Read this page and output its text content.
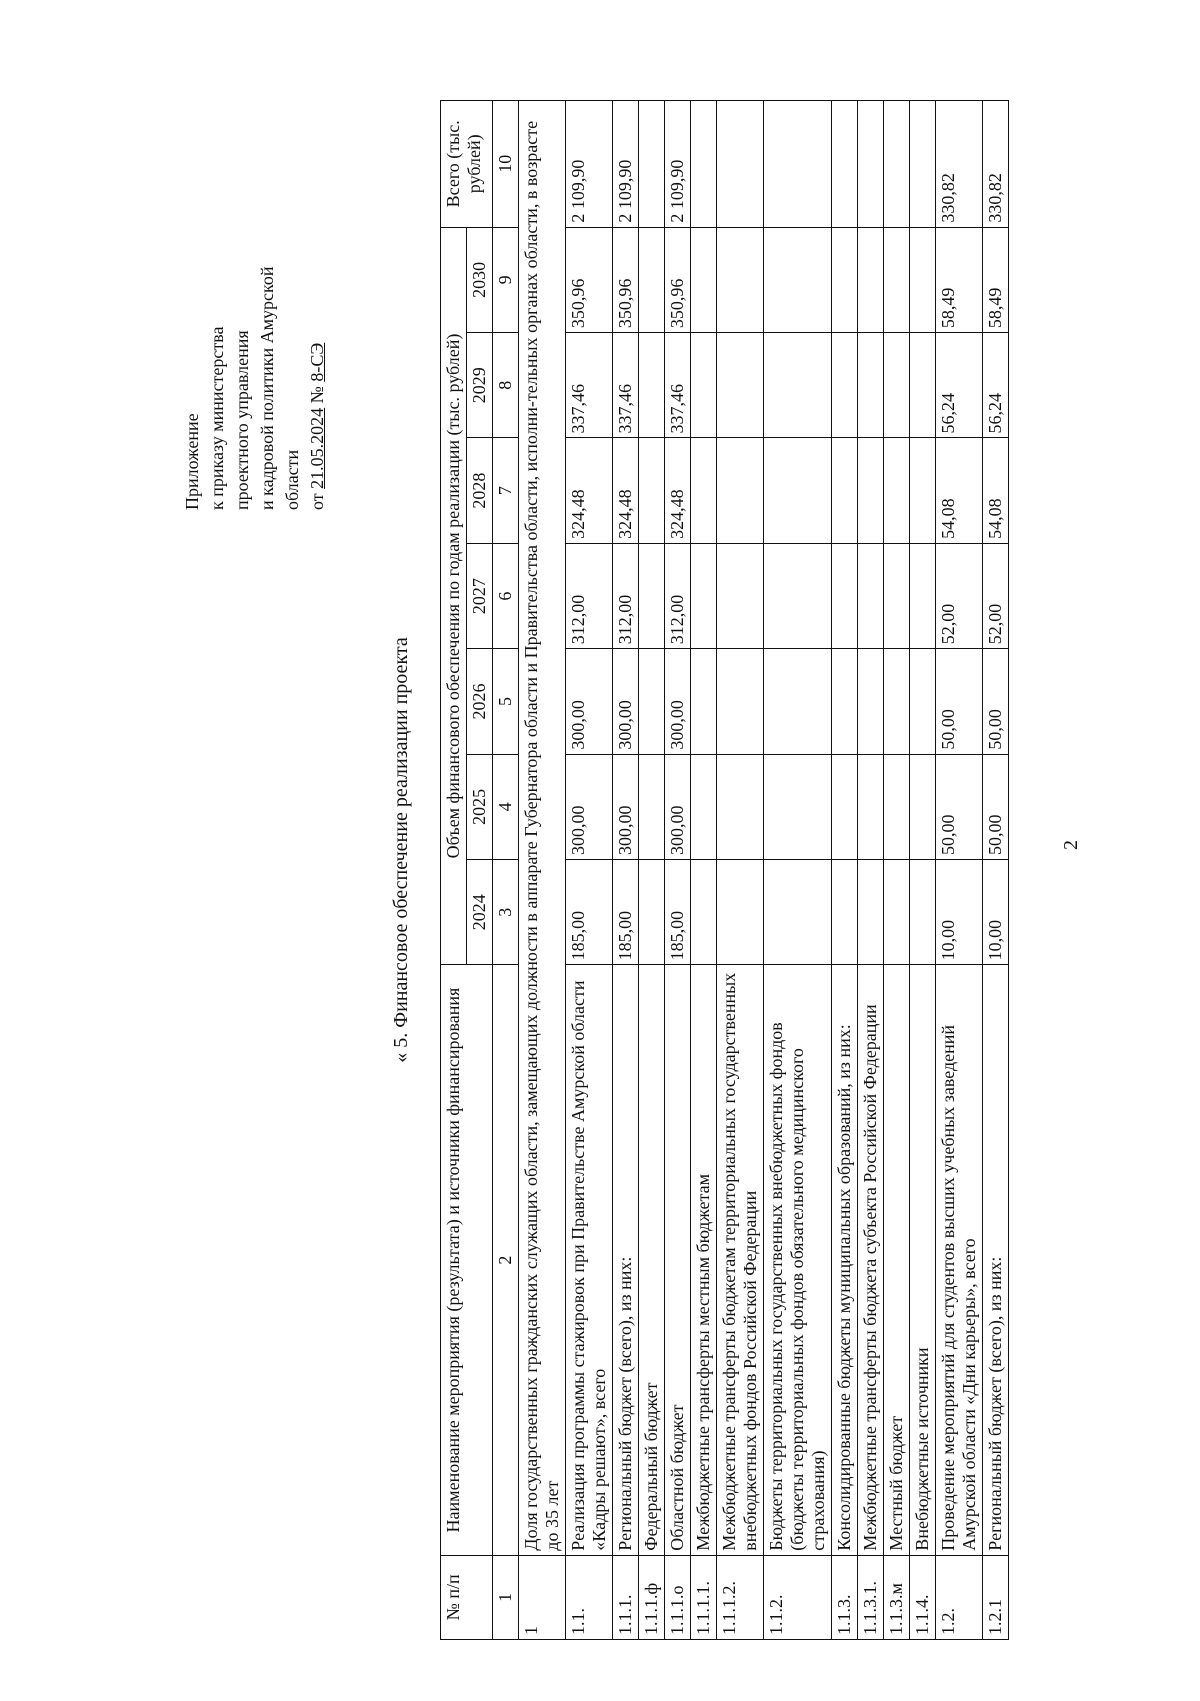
2
Приложение к приказу министерства проектного управления и кадровой политики Амурской области от 21.05.2024 № 8-СЭ
« 5. Финансовое обеспечение реализации проекта
№ п/п	Наименование мероприятия (результата) и источники финансирования	Объем финансового обеспечения по годам реализации (тыс. рублей)							Всего (тыс. рублей)
		2024	2025	2026	2027	2028	2029	2030	
1	2	3	4	5	6	7	8	9	10
1	Доля государственных гражданских служащих области, замещающих должности в аппарате Губернатора области и Правительства области, исполни-тельных органах области, в возрасте до 35 лет								
1.1.	Реализация программы стажировок при Правительстве Амурской области «Кадры решают», всего	185,00	300,00	300,00	312,00	324,48	337,46	350,96	2 109,90
1.1.1.	Региональный бюджет (всего), из них:	185,00	300,00	300,00	312,00	324,48	337,46	350,96	2 109,90
1.1.1.ф	Федеральный бюджет								
1.1.1.о	Областной бюджет	185,00	300,00	300,00	312,00	324,48	337,46	350,96	2 109,90
1.1.1.1.	Межбюджетные трансферты местным бюджетам								
1.1.1.2.	Межбюджетные трансферты бюджетам территориальных государственных внебюджетных фондов Российской Федерации								
1.1.2.	Бюджеты территориальных государственных внебюджетных фондов (бюджеты территориальных фондов обязательного медицинского страхования)								
1.1.3.	Консолидированные бюджеты муниципальных образований, из них:								
1.1.3.1.	Межбюджетные трансферты бюджета субъекта Российской Федерации								
1.1.3.м	Местный бюджет								
1.1.4.	Внебюджетные источники								
1.2.	Проведение мероприятий для студентов высших учебных заведений Амурской области «Дни карьеры», всего	10,00	50,00	50,00	52,00	54,08	56,24	58,49	330,82
1.2.1	Региональный бюджет (всего), из них:	10,00	50,00	50,00	52,00	54,08	56,24	58,49	330,82
